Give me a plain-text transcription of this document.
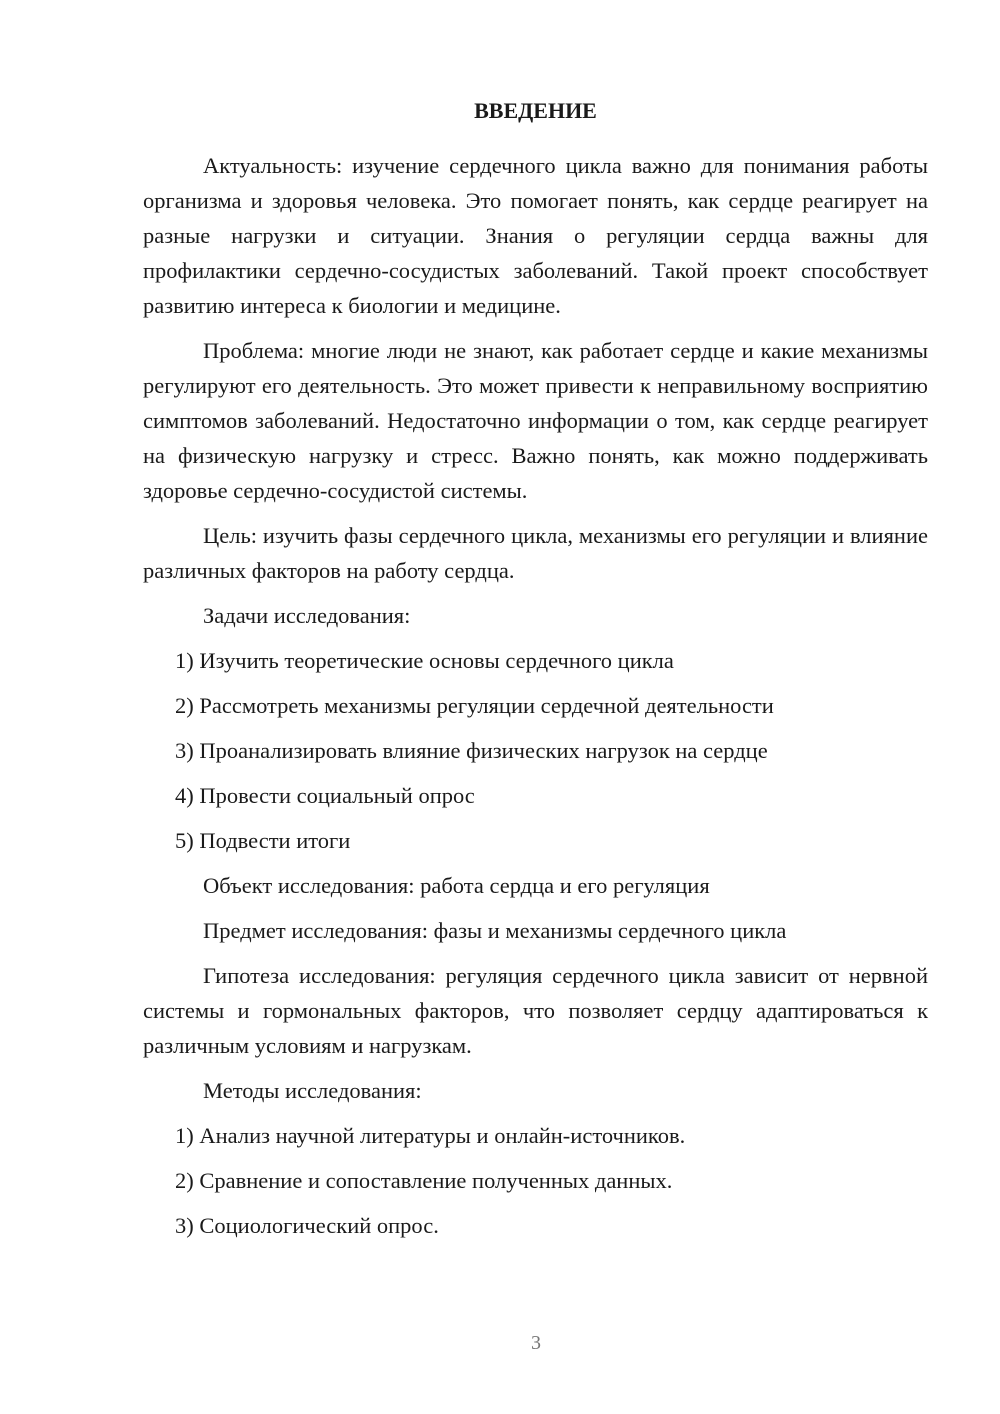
ВВЕДЕНИЕ

Актуальность: изучение сердечного цикла важно для понимания работы организма и здоровья человека. Это помогает понять, как сердце реагирует на разные нагрузки и ситуации. Знания о регуляции сердца важны для профилактики сердечно-сосудистых заболеваний. Такой проект способствует развитию интереса к биологии и медицине.

Проблема: многие люди не знают, как работает сердце и какие механизмы регулируют его деятельность. Это может привести к неправильному восприятию симптомов заболеваний. Недостаточно информации о том, как сердце реагирует на физическую нагрузку и стресс. Важно понять, как можно поддерживать здоровье сердечно-сосудистой системы.

Цель: изучить фазы сердечного цикла, механизмы его регуляции и влияние различных факторов на работу сердца.

Задачи исследования:

1) Изучить теоретические основы сердечного цикла

2) Рассмотреть механизмы регуляции сердечной деятельности

3) Проанализировать влияние физических нагрузок на сердце

4) Провести социальный опрос

5) Подвести итоги

Объект исследования: работа сердца и его регуляция

Предмет исследования: фазы и механизмы сердечного цикла

Гипотеза исследования: регуляция сердечного цикла зависит от нервной системы и гормональных факторов, что позволяет сердцу адаптироваться к различным условиям и нагрузкам.

Методы исследования:

1) Анализ научной литературы и онлайн-источников.

2) Сравнение и сопоставление полученных данных.

3) Социологический опрос.

3
